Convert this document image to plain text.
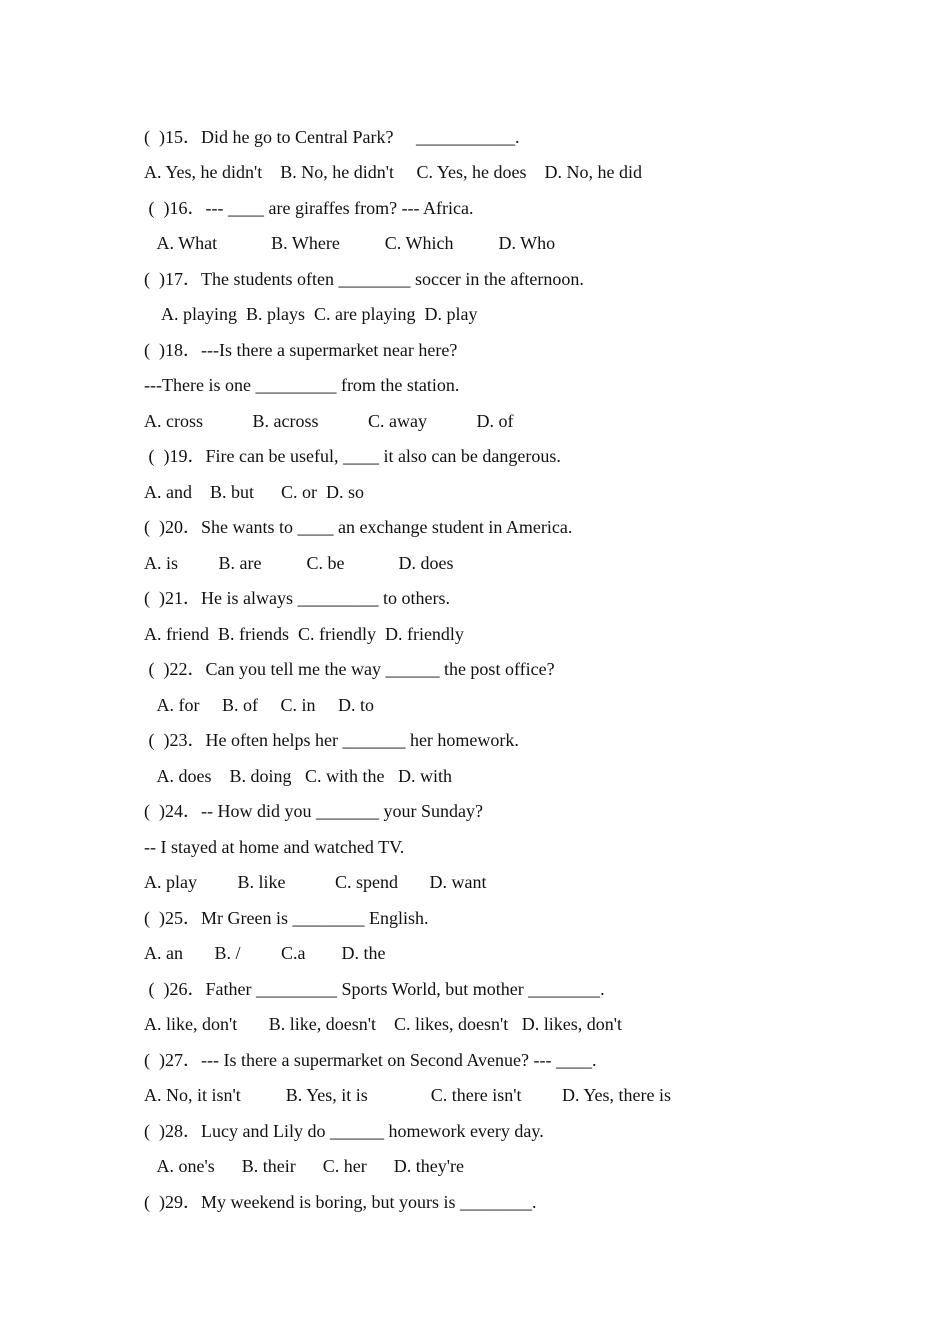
(  )15．Did he go to Central Park?     ___________.
A. Yes, he didn't    B. No, he didn't     C. Yes, he does    D. No, he did
(  )16．--- ____ are giraffes from? --- Africa.
A. What            B. Where          C. Which          D. Who
(  )17．The students often ________ soccer in the afternoon.
A. playing  B. plays  C. are playing  D. play
(  )18．---Is there a supermarket near here?
---There is one _________ from the station.
A. cross           B. across           C. away           D. of
(  )19．Fire can be useful, ____ it also can be dangerous.
A. and    B. but      C. or  D. so
(  )20．She wants to ____ an exchange student in America.
A. is         B. are          C. be            D. does
(  )21．He is always _________ to others.
A. friend  B. friends  C. friendly  D. friendly
(  )22．Can you tell me the way ______ the post office?
A. for     B. of     C. in     D. to
(  )23．He often helps her _______ her homework.
A. does    B. doing   C. with the   D. with
(  )24．-- How did you _______ your Sunday?
-- I stayed at home and watched TV.
A. play         B. like           C. spend       D. want
(  )25．Mr Green is ________ English.
A. an       B. /         C.a        D. the
(  )26．Father _________ Sports World, but mother ________.
A. like, don't       B. like, doesn't    C. likes, doesn't   D. likes, don't
(  )27．--- Is there a supermarket on Second Avenue? --- ____.
A. No, it isn't          B. Yes, it is              C. there isn't         D. Yes, there is
(  )28．Lucy and Lily do ______ homework every day.
A. one's      B. their      C. her      D. they're
(  )29．My weekend is boring, but yours is ________.
